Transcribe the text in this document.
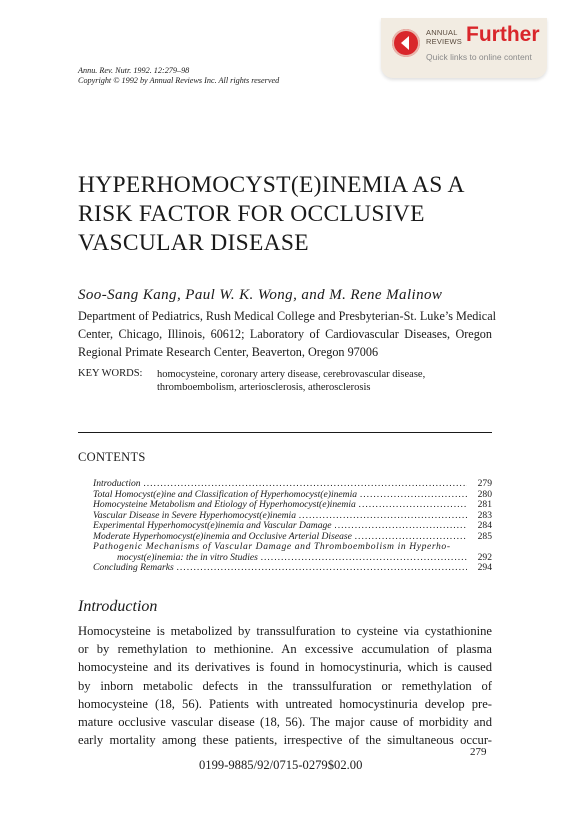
ANNUAL
REVIEWS Further
Quick links to online content
Annu. Rev. Nutr. 1992. 12:279–98
Copyright © 1992 by Annual Reviews Inc. All rights reserved
HYPERHOMOCYST(E)INEMIA AS A
RISK FACTOR FOR OCCLUSIVE
VASCULAR DISEASE
Soo-Sang Kang, Paul W. K. Wong, and M. Rene Malinow
Department of Pediatrics, Rush Medical College and Presbyterian-St. Luke’s Medical
Center, Chicago, Illinois, 60612; Laboratory of Cardiovascular Diseases, Oregon
Regional Primate Research Center, Beaverton, Oregon 97006
KEY WORDS: homocysteine, coronary artery disease, cerebrovascular disease,
thromboembolism, arteriosclerosis, atherosclerosis
CONTENTS
Introduction .....	279
Total Homocyst(e)ine and Classification of Hyperhomocyst(e)inemia .....	280
Homocysteine Metabolism and Etiology of Hyperhomocyst(e)inemia .....	281
Vascular Disease in Severe Hyperhomocyst(e)inemia .....	283
Experimental Hyperhomocyst(e)inemia and Vascular Damage .....	284
Moderate Hyperhomocyst(e)inemia and Occlusive Arterial Disease .....	285
Pathogenic Mechanisms of Vascular Damage and Thromboembolism in Hyperho-
mocyst(e)inemia: the in vitro Studies .....	292
Concluding Remarks .....	294
Introduction
Homocysteine is metabolized by transsulfuration to cysteine via cystathionine
or by remethylation to methionine. An excessive accumulation of plasma
homocysteine and its derivatives is found in homocystinuria, which is caused
by inborn metabolic defects in the transsulfuration or remethylation of
homocysteine (18, 56). Patients with untreated homocystinuria develop pre-
mature occlusive vascular disease (18, 56). The major cause of morbidity and
early mortality among these patients, irrespective of the simultaneous occur-
279
0199-9885/92/0715-0279$02.00
